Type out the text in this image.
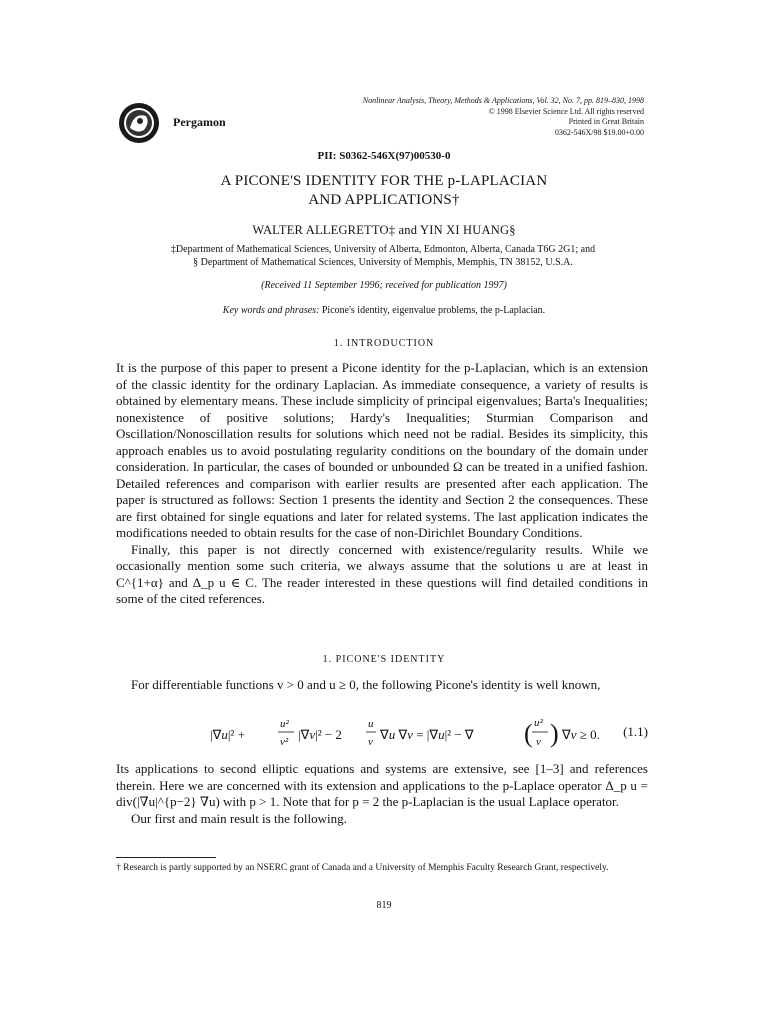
Pergamon
Nonlinear Analysis, Theory, Methods & Applications, Vol. 32, No. 7, pp. 819–830, 1998
© 1998 Elsevier Science Ltd. All rights reserved
Printed in Great Britain
0362-546X/98 $19.00+0.00
PII: S0362-546X(97)00530-0
A PICONE'S IDENTITY FOR THE p-LAPLACIAN
AND APPLICATIONS†
WALTER ALLEGRETTO‡ and YIN XI HUANG§
‡Department of Mathematical Sciences, University of Alberta, Edmonton, Alberta, Canada T6G 2G1; and
§ Department of Mathematical Sciences, University of Memphis, Memphis, TN 38152, U.S.A.
(Received 11 September 1996; received for publication 1997)
Key words and phrases: Picone's identity, eigenvalue problems, the p-Laplacian.
1. INTRODUCTION

It is the purpose of this paper to present a Picone identity for the p-Laplacian, which is an extension of the classic identity for the ordinary Laplacian. As immediate consequence, a variety of results is obtained by elementary means. These include simplicity of principal eigenvalues; Barta's Inequalities; nonexistence of positive solutions; Hardy's Inequalities; Sturmian Comparison and Oscillation/Nonoscillation results for solutions which need not be radial. Besides its simplicity, this approach enables us to avoid postulating regularity conditions on the boundary of the domain under consideration. In particular, the cases of bounded or unbounded Ω can be treated in a unified fashion. Detailed references and comparison with earlier results are presented after each application. The paper is structured as follows: Section 1 presents the identity and Section 2 the consequences. These are first obtained for single equations and later for related systems. The last application indicates the modifications needed to obtain results for the case of non-Dirichlet Boundary Conditions.

Finally, this paper is not directly concerned with existence/regularity results. While we occasionally mention some such criteria, we always assume that the solutions u are at least in C^{1+α} and Δ_p u ∈ C. The reader interested in these questions will find detailed conditions in some of the cited references.

1. PICONE'S IDENTITY

For differentiable functions v > 0 and u ≥ 0, the following Picone's identity is well known,

|∇u|² +
u²
v² |∇v|² − 2
u
v ∇u ∇v = |∇u|² − ∇ ( u²
v ) ∇v ≥ 0. (1.1)

Its applications to second elliptic equations and systems are extensive, see [1–3] and references therein. Here we are concerned with its extension and applications to the p-Laplace operator Δ_p u = div(|∇u|^{p−2} ∇u) with p > 1. Note that for p = 2 the p-Laplacian is the usual Laplace operator.

Our first and main result is the following.

† Research is partly supported by an NSERC grant of Canada and a University of Memphis Faculty Research Grant, respectively.
819
